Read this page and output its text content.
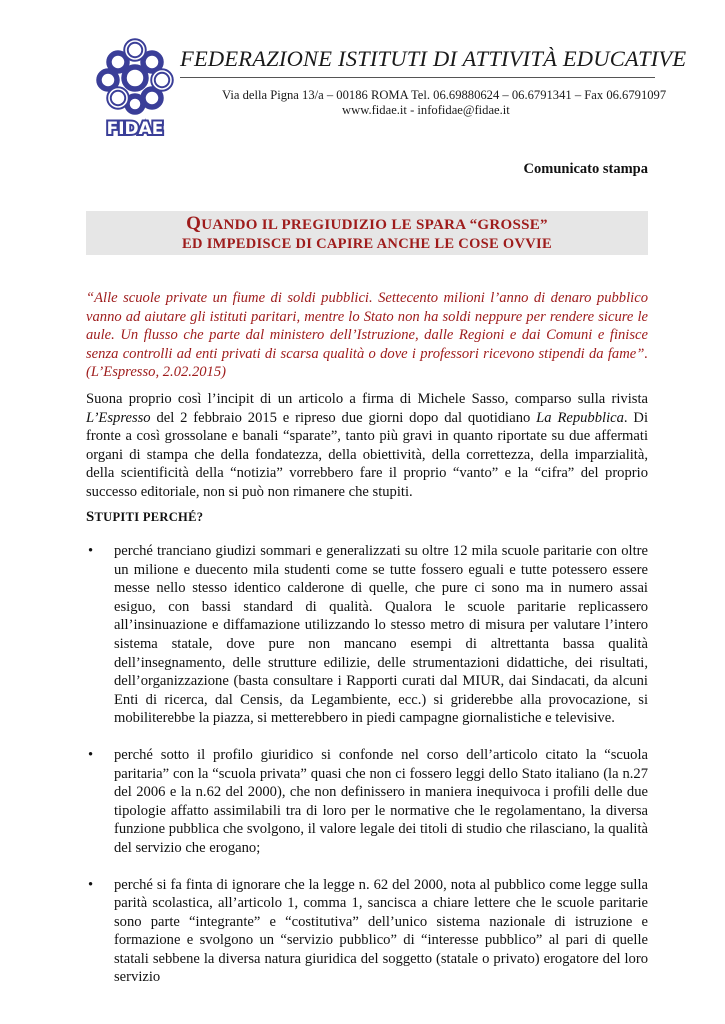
FIDAE
FEDERAZIONE ISTITUTI DI ATTIVITÀ EDUCATIVE
Via della Pigna 13/a – 00186 ROMA Tel. 06.69880624 – 06.6791341 – Fax 06.6791097
www.fidae.it - infofidae@fidae.it
Comunicato stampa
QUANDO IL PREGIUDIZIO LE SPARA “GROSSE”
ED IMPEDISCE DI CAPIRE ANCHE LE COSE OVVIE
“Alle scuole private un fiume di soldi pubblici. Settecento milioni l’anno di denaro pubblico vanno ad aiutare gli istituti paritari, mentre lo Stato non ha soldi neppure per rendere sicure le aule. Un flusso che parte dal ministero dell’Istruzione, dalle Regioni e dai Comuni e finisce senza controlli ad enti privati di scarsa qualità o dove i professori ricevono stipendi da fame”. (L’Espresso, 2.02.2015)
Suona proprio così l’incipit di un articolo a firma di Michele Sasso, comparso sulla rivista L’Espresso del 2 febbraio 2015 e ripreso due giorni dopo dal quotidiano La Repubblica. Di fronte a così grossolane e banali “sparate”, tanto più gravi in quanto riportate su due affermati organi di stampa che della fondatezza, della obiettività, della correttezza, della imparzialità, della scientificità della “notizia” vorrebbero fare il proprio “vanto” e la “cifra” del proprio successo editoriale, non si può non rimanere che stupiti.
STUPITI PERCHÉ?
• perché tranciano giudizi sommari e generalizzati su oltre 12 mila scuole paritarie con oltre un milione e duecento mila studenti come se tutte fossero eguali e tutte potessero essere messe nello stesso identico calderone di quelle, che pure ci sono ma in numero assai esiguo, con bassi standard di qualità. Qualora le scuole paritarie replicassero all’insinuazione e diffamazione utilizzando lo stesso metro di misura per valutare l’intero sistema statale, dove pure non mancano esempi di altrettanta bassa qualità dell’insegnamento, delle strutture edilizie, delle strumentazioni didattiche, dei risultati, dell’organizzazione (basta consultare i Rapporti curati dal MIUR, dai Sindacati, da alcuni Enti di ricerca, dal Censis, da Legambiente, ecc.) si griderebbe alla provocazione, si mobiliterebbe la piazza, si metterebbero in piedi campagne giornalistiche e televisive.
• perché sotto il profilo giuridico si confonde nel corso dell’articolo citato la “scuola paritaria” con la “scuola privata” quasi che non ci fossero leggi dello Stato italiano (la n.27 del 2006 e la n.62 del 2000), che non definissero in maniera inequivoca i profili delle due tipologie affatto assimilabili tra di loro per le normative che le regolamentano, la diversa funzione pubblica che svolgono, il valore legale dei titoli di studio che rilasciano, la qualità del servizio che erogano;
• perché si fa finta di ignorare che la legge n. 62 del 2000, nota al pubblico come legge sulla parità scolastica, all’articolo 1, comma 1, sancisca a chiare lettere che le scuole paritarie sono parte “integrante” e “costitutiva” dell’unico sistema nazionale di istruzione e formazione e svolgono un “servizio pubblico” di “interesse pubblico” al pari di quelle statali sebbene la diversa natura giuridica del soggetto (statale o privato) erogatore del loro servizio
